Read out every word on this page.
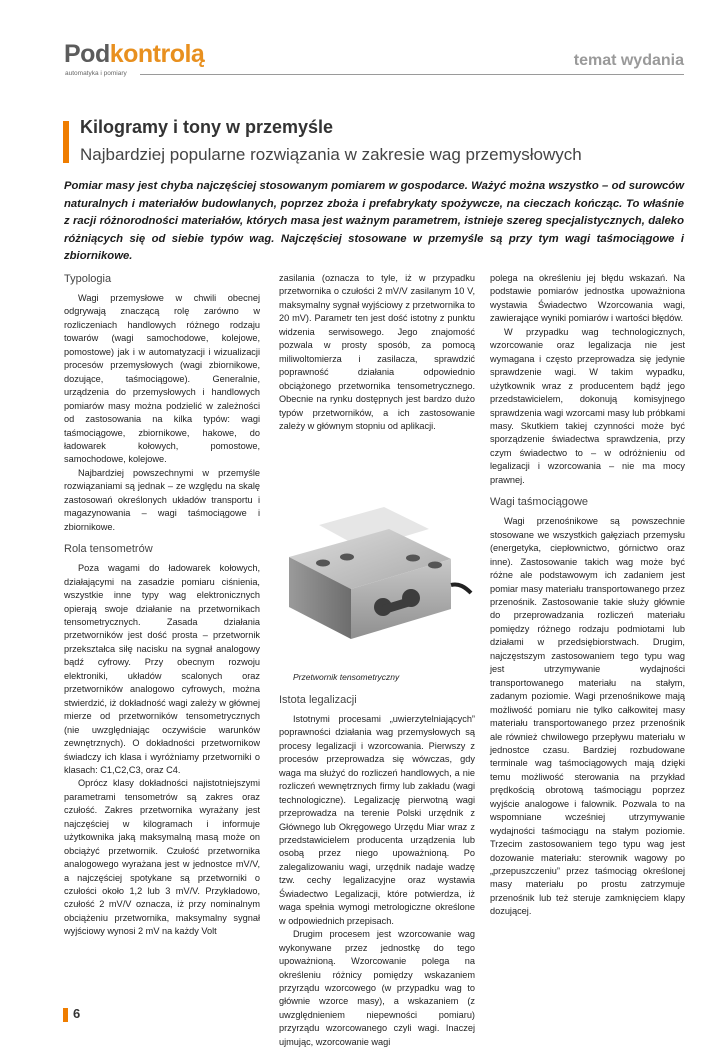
Podkontrolą
automatyka i pomiary
temat wydania
Kilogramy i tony w przemyśle
Najbardziej popularne rozwiązania w zakresie wag przemysłowych
Pomiar masy jest chyba najczęściej stosowanym pomiarem w gospodarce. Ważyć można wszystko – od surowców naturalnych i materiałów budowlanych, poprzez zboża i prefabrykaty spożywcze, na cieczach kończąc. To właśnie z racji różnorodności materiałów, których masa jest ważnym parametrem, istnieje szereg specjalistycznych, daleko różniących się od siebie typów wag. Najczęściej stosowane w przemyśle są przy tym wagi taśmociągowe i zbiornikowe.
Typologia

Wagi przemysłowe w chwili obecnej odgrywają znaczącą rolę zarówno w rozliczeniach handlowych różnego rodzaju towarów (wagi samochodowe, kolejowe, pomostowe) jak i w automatyzacji i wizualizacji procesów przemysłowych (wagi zbiornikowe, dozujące, taśmociągowe). Generalnie, urządzenia do przemysłowych i handlowych pomiarów masy można podzielić w zależności od zastosowania na kilka typów: wagi taśmociągowe, zbiornikowe, hakowe, do ładowarek kołowych, pomostowe, samochodowe, kolejowe.

Najbardziej powszechnymi w przemyśle rozwiązaniami są jednak – ze względu na skalę zastosowań określonych układów transportu i magazynowania – wagi taśmociągowe i zbiornikowe.

Rola tensometrów

Poza wagami do ładowarek kołowych, działającymi na zasadzie pomiaru ciśnienia, wszystkie inne typy wag elektronicznych opierają swoje działanie na przetwornikach tensometrycznych. Zasada działania przetworników jest dość prosta – przetwornik przekształca siłę nacisku na sygnał analogowy bądź cyfrowy. Przy obecnym rozwoju elektroniki, układów scalonych oraz przetworników analogowo cyfrowych, można stwierdzić, iż dokładność wagi zależy w głównej mierze od przetworników tensometrycznych (nie uwzględniając oczywiście warunków zewnętrznych). O dokładności przetwornikow świadczy ich klasa i wyróżniamy przetworniki o klasach: C1,C2,C3, oraz C4.

Oprócz klasy dokładności najistotniejszymi parametrami tensometrów są zakres oraz czułość. Zakres przetwornika wyrażany jest najczęściej w kilogramach i informuje użytkownika jaką maksymalną masą może on obciążyć przetwornik. Czułość przetwornika analogowego wyrażana jest w jednostce mV/V, a najczęściej spotykane są przetworniki o czułości około 1,2 lub 3 mV/V. Przykładowo, czułość 2 mV/V oznacza, iż przy nominalnym obciążeniu przetwornika, maksymalny sygnał wyjściowy wynosi 2 mV na każdy Volt

zasilania (oznacza to tyle, iż w przypadku przetwornika o czułości 2 mV/V zasilanym 10 V, maksymalny sygnał wyjściowy z przetwornika to 20 mV). Parametr ten jest dość istotny z punktu widzenia serwisowego. Jego znajomość pozwala w prosty sposób, za pomocą miliwoltomierza i zasilacza, sprawdzić poprawność działania odpowiednio obciążonego przetwornika tensometrycznego. Obecnie na rynku dostępnych jest bardzo dużo typów przetworników, a ich zastosowanie zależy w głównym stopniu od aplikacji.

Przetwornik tensometryczny

Istota legalizacji

Istotnymi procesami „uwierzytelniających” poprawności działania wag przemysłowych są procesy legalizacji i wzorcowania. Pierwszy z procesów przeprowadza się wówczas, gdy waga ma służyć do rozliczeń handlowych, a nie rozliczeń wewnętrznych firmy lub zakładu (wagi technologiczne). Legalizację pierwotną wagi przeprowadza na terenie Polski urzędnik z Głównego lub Okręgowego Urzędu Miar wraz z przedstawicielem producenta urządzenia lub osobą przez niego upoważnioną. Po zalegalizowaniu wagi, urzędnik nadaje wadzę tzw. cechy legalizacyjne oraz wystawia Świadectwo Legalizacji, które potwierdza, iż waga spełnia wymogi metrologiczne określone w odpowiednich przepisach.

Drugim procesem jest wzorcowanie wag wykonywane przez jednostkę do tego upoważnioną. Wzorcowanie polega na określeniu różnicy pomiędzy wskazaniem przyrządu wzorcowego (w przypadku wag to głównie wzorce masy), a wskazaniem (z uwzględnieniem niepewności pomiaru) przyrządu wzorcowanego czyli wagi. Inaczej ujmując, wzorcowanie wagi

polega na określeniu jej błędu wskazań. Na podstawie pomiarów jednostka upoważniona wystawia Świadectwo Wzorcowania wagi, zawierające wyniki pomiarów i wartości błędów.

W przypadku wag technologicznych, wzorcowanie oraz legalizacja nie jest wymagana i często przeprowadza się jedynie sprawdzenie wagi. W takim wypadku, użytkownik wraz z producentem bądź jego przedstawicielem, dokonują komisyjnego sprawdzenia wagi wzorcami masy lub próbkami masy. Skutkiem takiej czynności może być sporządzenie świadectwa sprawdzenia, przy czym świadectwo to – w odróżnieniu od legalizacji i wzorcowania – nie ma mocy prawnej.

Wagi taśmociągowe

Wagi przenośnikowe są powszechnie stosowane we wszystkich gałęziach przemysłu (energetyka, ciepłownictwo, górnictwo oraz inne). Zastosowanie takich wag może być różne ale podstawowym ich zadaniem jest pomiar masy materiału transportowanego przez przenośnik. Zastosowanie takie służy głównie do przeprowadzania rozliczeń materiału pomiędzy różnego rodzaju podmiotami lub działami w przedsiębiorstwach. Drugim, najczęstszym zastosowaniem tego typu wag jest utrzymywanie wydajności transportowanego materiału na stałym, zadanym poziomie. Wagi przenośnikowe mają możliwość pomiaru nie tylko całkowitej masy materiału transportowanego przez przenośnik ale również chwilowego przepływu materiału w jednostce czasu. Bardziej rozbudowane terminale wag taśmociągowych mają dzięki temu możliwość sterowania na przykład prędkością obrotową taśmociągu poprzez wyjście analogowe i falownik. Pozwala to na wspomniane wcześniej utrzymywanie wydajności taśmociągu na stałym poziomie. Trzecim zastosowaniem tego typu wag jest dozowanie materiału: sterownik wagowy po „przepuszczeniu” przez taśmociąg określonej masy materiału po prostu zatrzymuje przenośnik lub też steruje zamknięciem klapy dozującej.

6
